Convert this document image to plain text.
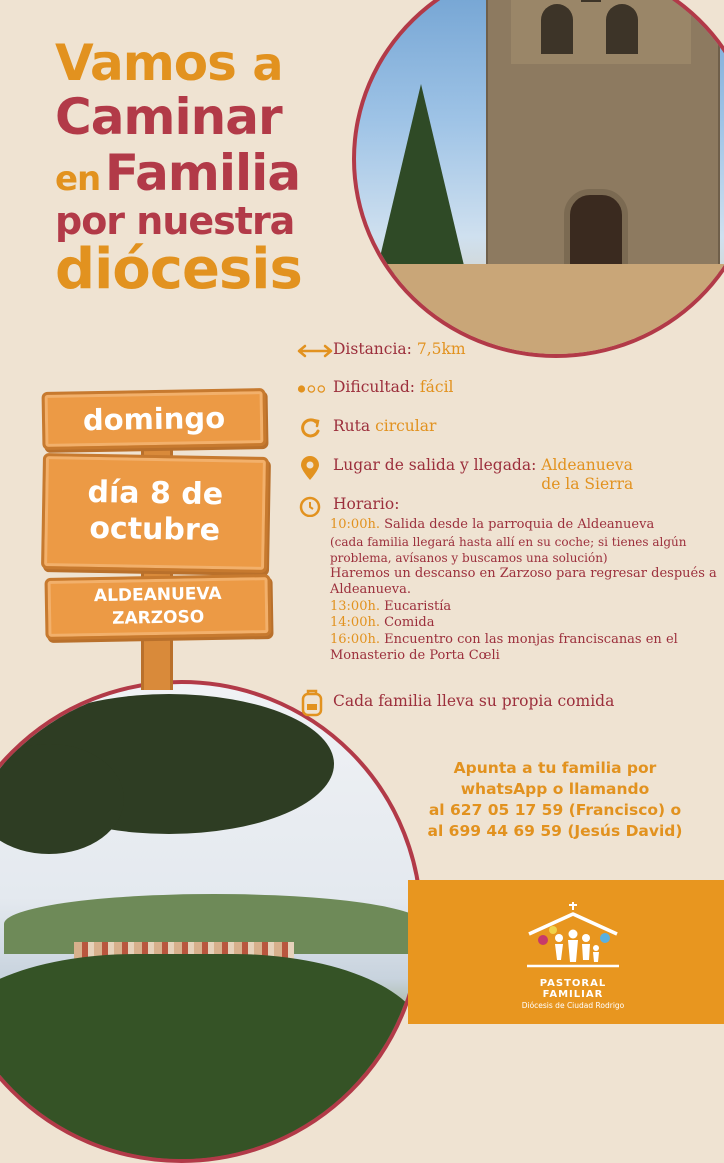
Vamos a
Caminar
en Familia
por nuestra
diócesis
domingo
día 8 de
octubre
ALDEANUEVA
ZARZOSO
Distancia:
7,5km
Dificultad:
fácil
Ruta
circular
Lugar de salida y llegada:
Aldeanueva
de la Sierra
Horario:
10:00h. Salida desde la parroquia de Aldeanueva
(cada familia llegará hasta allí en su coche; si tienes algún problema, avísanos y buscamos una solución)
Haremos un descanso en Zarzoso para regresar después a Aldeanueva.
13:00h. Eucaristía
14:00h. Comida
16:00h. Encuentro con las monjas franciscanas en el Monasterio de Porta Cœli
Cada familia lleva su propia comida
Apunta a tu familia por
whatsApp o llamando
al 627 05 17 59 (Francisco) o
al 699 44 69 59 (Jesús David)
PASTORAL FAMILIAR
Diócesis de Ciudad Rodrigo
